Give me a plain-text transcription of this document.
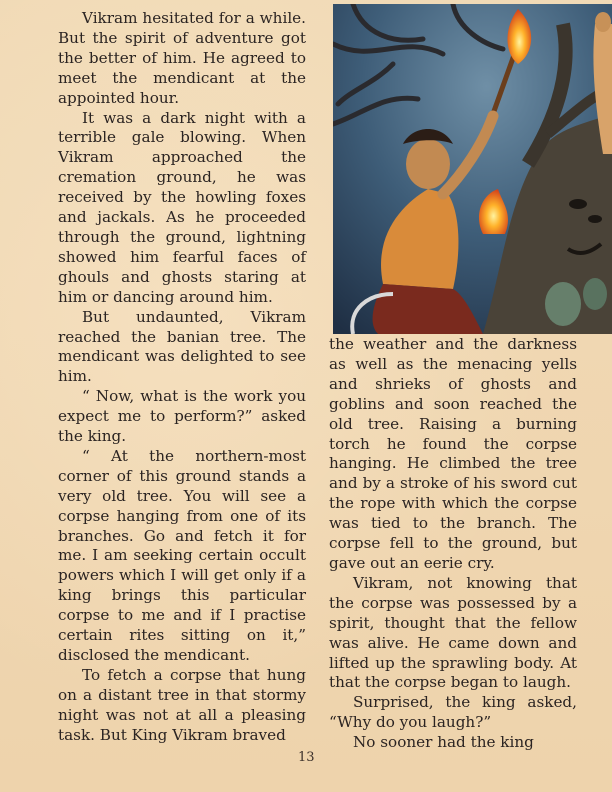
Vikram hesitated for a while. But the spirit of adventure got the better of him. He agreed to meet the mendicant at the appointed hour.

It was a dark night with a terrible gale blowing. When Vikram approached the cremation ground, he was received by the howling foxes and jackals. As he proceeded through the ground, lightning showed him fearful faces of ghouls and ghosts staring at him or dancing around him.

But undaunted, Vikram reached the banian tree. The mendicant was delighted to see him.

“ Now, what is the work you expect me to perform?” asked the king.

“ At the northern-most corner of this ground stands a very old tree. You will see a corpse hanging from one of its branches. Go and fetch it for me. I am seeking certain occult powers which I will get only if a king brings this particular corpse to me and if I practise certain rites sitting on it,” disclosed the mendicant.

To fetch a corpse that hung on a distant tree in that stormy night was not at all a pleasing task. But King Vikram braved

the weather and the darkness as well as the menacing yells and shrieks of ghosts and goblins and soon reached the old tree. Raising a burning torch he found the corpse hanging. He climbed the tree and by a stroke of his sword cut the rope with which the corpse was tied to the branch. The corpse fell to the ground, but gave out an eerie cry.

Vikram, not knowing that the corpse was possessed by a spirit, thought that the fellow was alive. He came down and lifted up the sprawling body. At that the corpse began to laugh.

Surprised, the king asked, “Why do you laugh?”

No sooner had the king

13
